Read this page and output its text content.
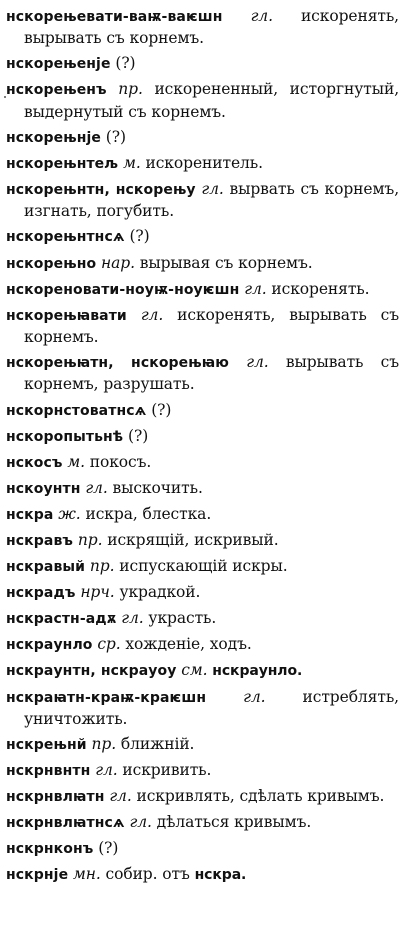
нскорењевати-ваѭ-ваѥшн гл. искоренять, вырывать съ корнемъ.

нскорењенје (?)

нскорењенъ пр. искорененный, исторгнутый, выдернутый съ корнемъ.

нскорењнје (?)

нскорењнтељ м. искоренитель.

нскорењнтн, нскорењу гл. вырвать съ корнемъ, изгнать, погубить.

нскорењнтнсѧ (?)

нскорењно нар. вырывая съ корнемъ.

нскореновати-ноуѭ-ноуѥшн гл. искоренять.

нскорењꙗвати гл. искоренять, вырывать съ корнемъ.

нскорењꙗтн, нскорењꙗю гл. вырывать съ корнемъ, разрушать.

нскорнстоватнсѧ (?)

нскоропытьнѣ (?)

нскосъ м. покосъ.

нскоунтн гл. выскочить.

нскра ж. искра, блестка.

нскравъ пр. искрящій, искривый.

нскравый пр. испускающій искры.

нскрадъ нрч. украдкой.

нскрастн-адѫ гл. украсть.

нскраунло ср. хожденіе, ходъ.

нскраунтн, нскрауоу см. нскраунло.

нскраꙗтн-краѭ-краѥшн гл. истреблять, уничтожить.

нскрењнй пр. ближній.

нскрнвнтн гл. искривить.

нскрнвлꙗтн гл. искривлять, сдѣлать кривымъ.

нскрнвлꙗтнсѧ гл. дѣлаться кривымъ.

нскрнконъ (?)

нскрнје мн. собир. отъ нскра.
